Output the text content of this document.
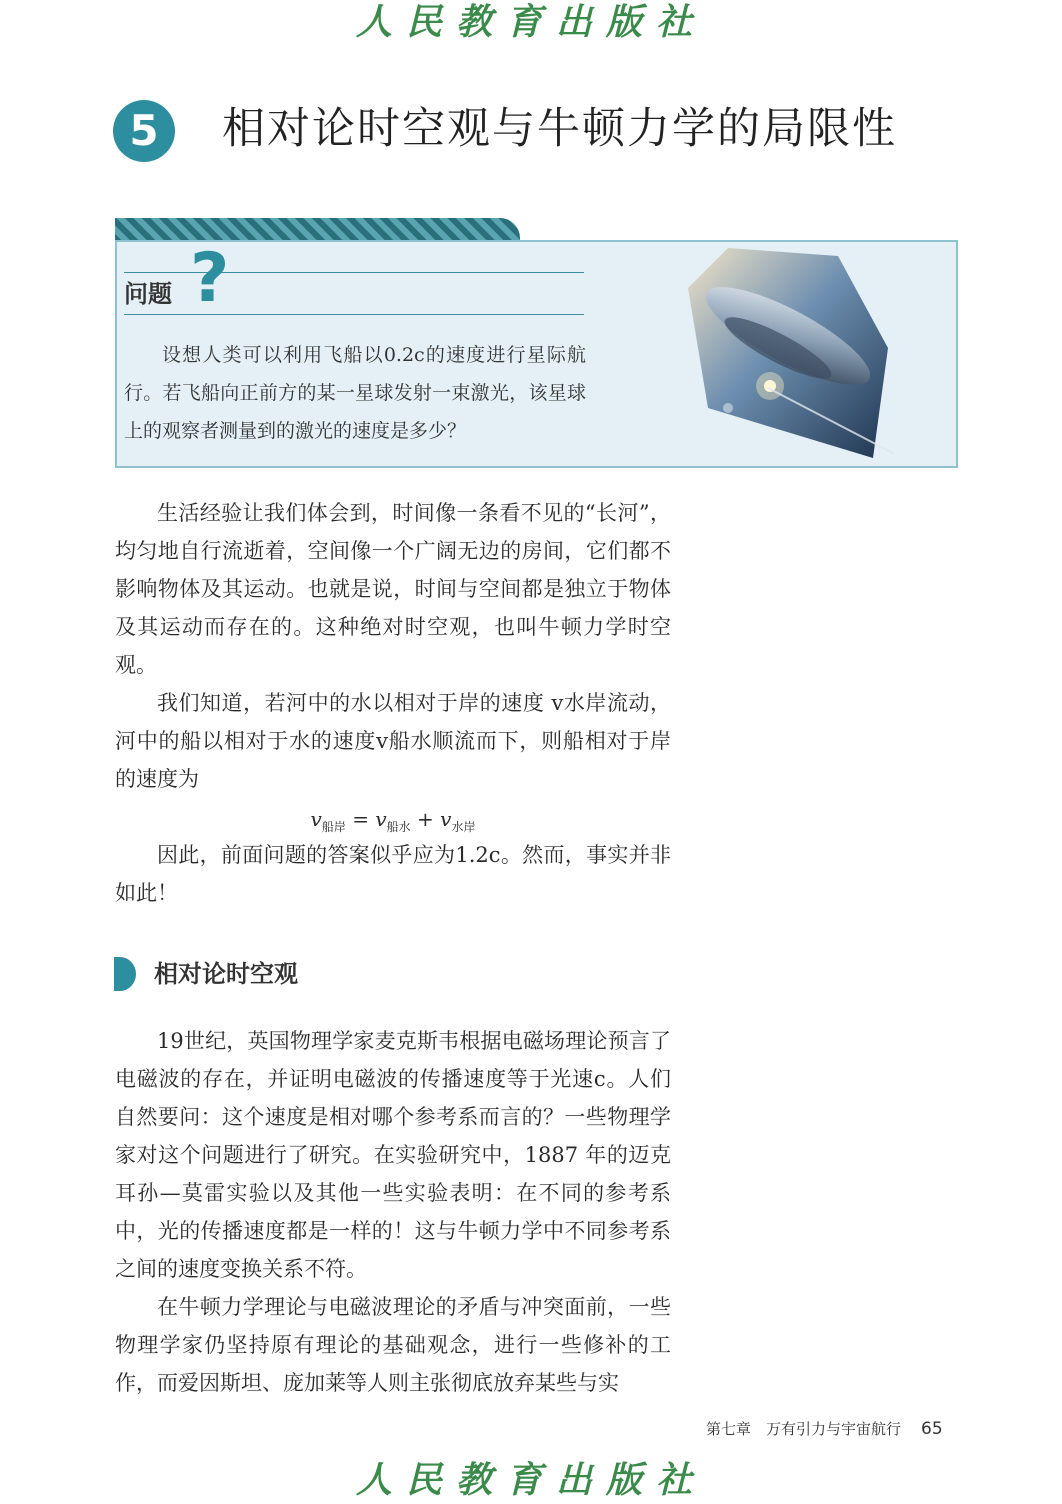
人民教育出版社
5	相对论时空观与牛顿力学的局限性
问题 ?
设想人类可以利用飞船以0.2c的速度进行星际航行。若飞船向正前方的某一星球发射一束激光，该星球上的观察者测量到的激光的速度是多少？

生活经验让我们体会到，时间像一条看不见的“长河”，均匀地自行流逝着，空间像一个广阔无边的房间，它们都不影响物体及其运动。也就是说，时间与空间都是独立于物体及其运动而存在的。这种绝对时空观，也叫牛顿力学时空观。

我们知道，若河中的水以相对于岸的速度 v水岸流动，河中的船以相对于水的速度v船水顺流而下，则船相对于岸的速度为

$v_{船岸} = v_{船水} + v_{水岸}$

因此，前面问题的答案似乎应为1.2c。然而，事实并非如此！

相对论时空观

19世纪，英国物理学家麦克斯韦根据电磁场理论预言了电磁波的存在，并证明电磁波的传播速度等于光速c。人们自然要问：这个速度是相对哪个参考系而言的？一些物理学家对这个问题进行了研究。在实验研究中，1887 年的迈克耳孙—莫雷实验以及其他一些实验表明：在不同的参考系中，光的传播速度都是一样的！这与牛顿力学中不同参考系之间的速度变换关系不符。

在牛顿力学理论与电磁波理论的矛盾与冲突面前，一些物理学家仍坚持原有理论的基础观念，进行一些修补的工作，而爱因斯坦、庞加莱等人则主张彻底放弃某些与实

第七章　万有引力与宇宙航行 65
人民教育出版社
